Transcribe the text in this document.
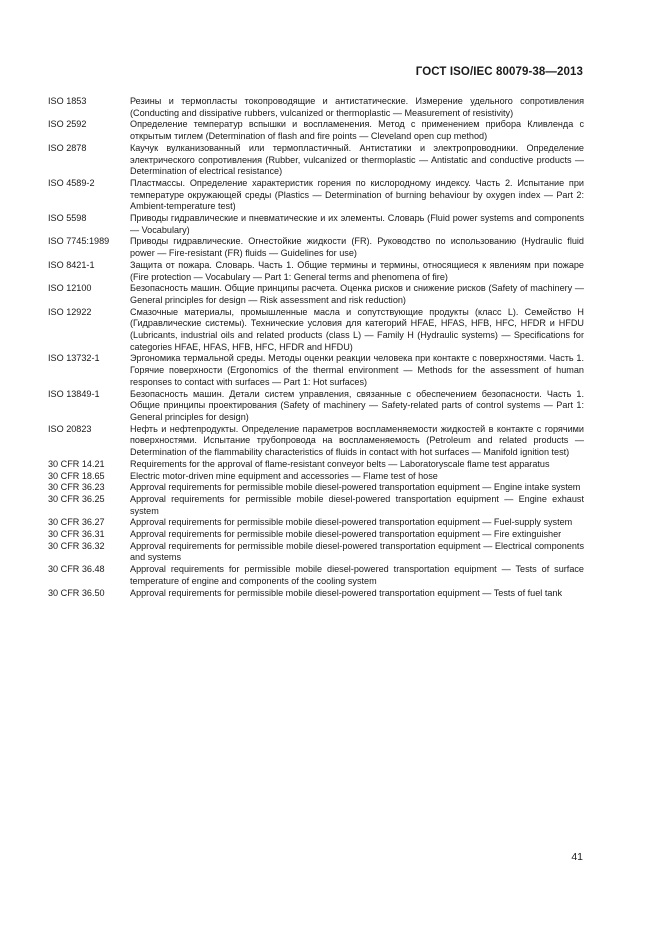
ГОСТ ISO/IEC 80079-38—2013
ISO 1853	Резины и термопласты токопроводящие и антистатические. Измерение удельного сопротивления (Conducting and dissipative rubbers, vulcanized or thermoplastic — Measurement of resistivity)
ISO 2592	Определение температур вспышки и воспламенения. Метод с применением прибора Кливленда с открытым тиглем (Determination of flash and fire points — Cleveland open cup method)
ISO 2878	Каучук вулканизованный или термопластичный. Антистатики и электропроводники. Определение электрического сопротивления (Rubber, vulcanized or thermoplastic — Antistatic and conductive products — Determination of electrical resistance)
ISO 4589-2	Пластмассы. Определение характеристик горения по кислородному индексу. Часть 2. Испытание при температуре окружающей среды (Plastics — Determination of burning behaviour by oxygen index — Part 2: Ambient-temperature test)
ISO 5598	Приводы гидравлические и пневматические и их элементы. Словарь (Fluid power systems and components — Vocabulary)
ISO 7745:1989	Приводы гидравлические. Огнестойкие жидкости (FR). Руководство по использованию (Hydraulic fluid power — Fire-resistant (FR) fluids — Guidelines for use)
ISO 8421-1	Защита от пожара. Словарь. Часть 1. Общие термины и термины, относящиеся к явлениям при пожаре (Fire protection — Vocabulary — Part 1: General terms and phenomena of fire)
ISO 12100	Безопасность машин. Общие принципы расчета. Оценка рисков и снижение рисков (Safety of machinery — General principles for design — Risk assessment and risk reduction)
ISO 12922	Смазочные материалы, промышленные масла и сопутствующие продукты (класс L). Семейство H (Гидравлические системы). Технические условия для категорий HFAE, HFAS, HFB, HFC, HFDR и HFDU (Lubricants, industrial oils and related products (class L) — Family H (Hydraulic systems) — Specifications for categories HFAE, HFAS, HFB, HFC, HFDR and HFDU)
ISO 13732-1	Эргономика термальной среды. Методы оценки реакции человека при контакте с поверхностями. Часть 1. Горячие поверхности (Ergonomics of the thermal environment — Methods for the assessment of human responses to contact with surfaces — Part 1: Hot surfaces)
ISO 13849-1	Безопасность машин. Детали систем управления, связанные с обеспечением безопасности. Часть 1. Общие принципы проектирования (Safety of machinery — Safety-related parts of control systems — Part 1: General principles for design)
ISO 20823	Нефть и нефтепродукты. Определение параметров воспламеняемости жидкостей в контакте с горячими поверхностями. Испытание трубопровода на воспламеняемость (Petroleum and related products — Determination of the flammability characteristics of fluids in contact with hot surfaces — Manifold ignition test)
30 CFR 14.21	Requirements for the approval of flame-resistant conveyor belts — Laboratoryscale flame test apparatus
30 CFR 18.65	Electric motor-driven mine equipment and accessories — Flame test of hose
30 CFR 36.23	Approval requirements for permissible mobile diesel-powered transportation equipment — Engine intake system
30 CFR 36.25	Approval requirements for permissible mobile diesel-powered transportation equipment — Engine exhaust system
30 CFR 36.27	Approval requirements for permissible mobile diesel-powered transportation equipment — Fuel-supply system
30 CFR 36.31	Approval requirements for permissible mobile diesel-powered transportation equipment — Fire extinguisher
30 CFR 36.32	Approval requirements for permissible mobile diesel-powered transportation equipment — Electrical components and systems
30 CFR 36.48	Approval requirements for permissible mobile diesel-powered transportation equipment — Tests of surface temperature of engine and components of the cooling system
30 CFR 36.50	Approval requirements for permissible mobile diesel-powered transportation equipment — Tests of fuel tank
41
